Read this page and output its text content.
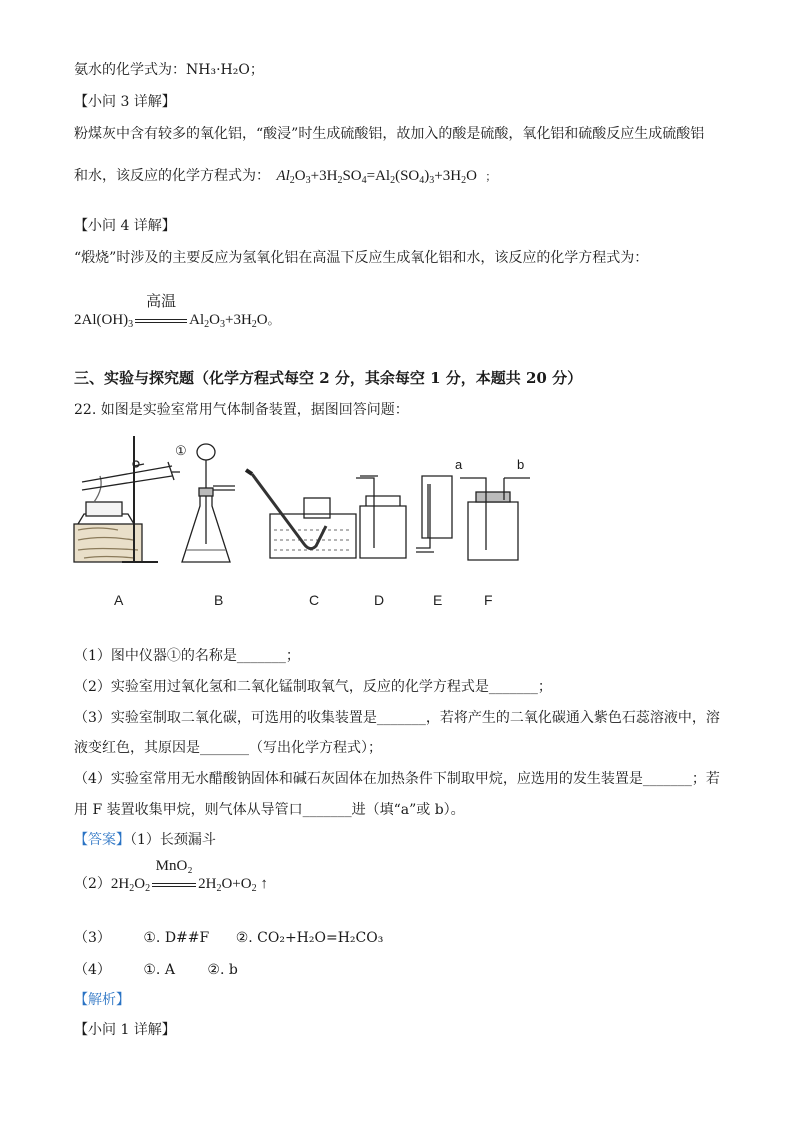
氨水的化学式为：NH₃·H₂O；
【小问 3 详解】
粉煤灰中含有较多的氧化铝，“酸浸”时生成硫酸铝，故加入的酸是硫酸，氧化铝和硫酸反应生成硫酸铝
和水，该反应的化学方程式为： $Al_2O_3+3H_2SO_4=Al_2(SO_4)_3+3H_2O$ ；
【小问 4 详解】
“煅烧”时涉及的主要反应为氢氧化铝在高温下反应生成氧化铝和水，该反应的化学方程式为：
$2Al(OH)_3$
高温
$Al_2O_3+3H_2O$。
三、实验与探究题（化学方程式每空 2 分，其余每空 1 分，本题共 20 分）
22. 如图是实验室常用气体制备装置，据图回答问题：
①
a	b
A	B	C	D	E	F
（1）图中仪器①的名称是_______；
（2）实验室用过氧化氢和二氧化锰制取氧气，反应的化学方程式是_______；
（3）实验室制取二氧化碳，可选用的收集装置是_______，若将产生的二氧化碳通入紫色石蕊溶液中，溶
液变红色，其原因是_______（写出化学方程式）；
（4）实验室常用无水醋酸钠固体和碱石灰固体在加热条件下制取甲烷，应选用的发生装置是_______；若
用 F 装置收集甲烷，则气体从导管口_______进（填“a”或 b）。
【答案】（1）长颈漏斗
$(2)2H_2O_2$
MnO₂
$2H_2O+O_2$ ↑
（3） ①. D##F ②. CO₂+H₂O=H₂CO₃
（4） ①. A ②. b
【解析】
【小问 1 详解】
